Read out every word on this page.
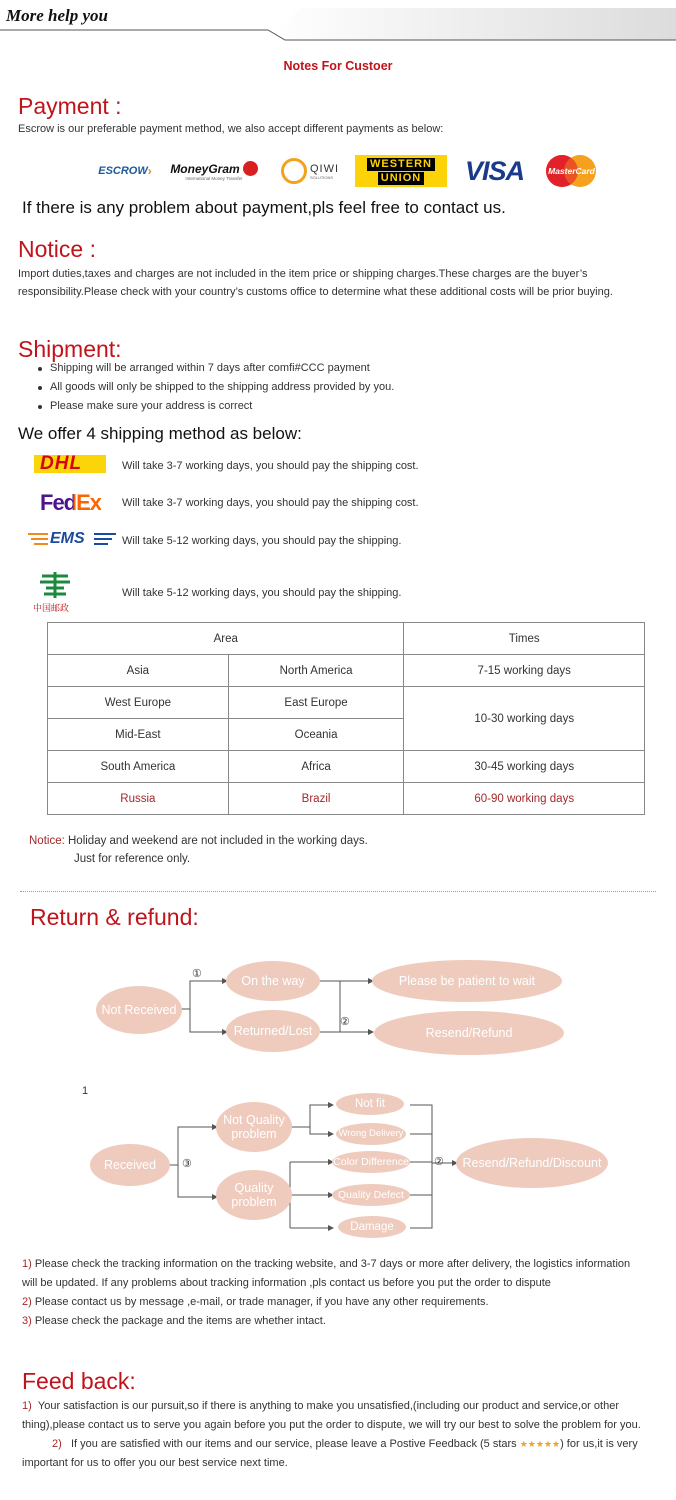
More help you
Notes For Custoer
Payment :
Escrow is our preferable payment method, we also accept different payments as below:
ESCROW › MoneyGram
International Money Transfer
QIWI
SOLUTIONS
WESTERN
UNION VISA	MasterCard
If there is any problem about payment,pls feel free to contact us.
Notice :
Import duties,taxes and charges are not included in the item price or shipping charges.These charges are the buyer’s
responsibility.Please check with your country’s customs office to determine what these additional costs will be prior buying.
Shipment:
Shipping will be arranged within 7 days after comfi#CCC payment
All goods will only be shipped to the shipping address provided by you.
Please make sure your address is correct
We offer 4 shipping method as below:
DHL	Will take 3-7 working days, you should pay the shipping cost.
FedEx Will take 3-7 working days, you should pay the shipping cost.
EMS	Will take 5-12 working days, you should pay the shipping.
中国邮政
Will take 5-12 working days, you should pay the shipping.
Area		Times
Asia	North America	7-15 working days
West Europe	East Europe	10-30 working days
Mid-East	Oceania	
South America	Africa	30-45 working days
Russia	Brazil	60-90 working days
Notice: Holiday and weekend are not included in the working days.
Just for reference only.
Return & refund:
Not Received
①	On the way
Returned/Lost
②
Please be patient to wait
Resend/Refund
1
Received	③
Not Quality problem
Quality problem
Not fit
Wrong Delivery
Color Difference
Quality Defect
Damage
②	Resend/Refund/Discount
1) Please check the tracking information on the tracking website, and 3-7 days or more after delivery, the logistics information
will be updated. If any problems about tracking information ,pls contact us before you put the order to dispute
2) Please contact us by message ,e-mail, or trade manager, if you have any other requirements.
3) Please check the package and the items are whether intact.
Feed back:
1) Your satisfaction is our pursuit,so if there is anything to make you unsatisfied,(including our product and service,or other
thing),please contact us to serve you again before you put the order to dispute, we will try our best to solve the problem for you.
2) If you are satisfied with our items and our service, please leave a Postive Feedback (5 stars ★★★★★) for us,it is very
important for us to offer you our best service next time.
